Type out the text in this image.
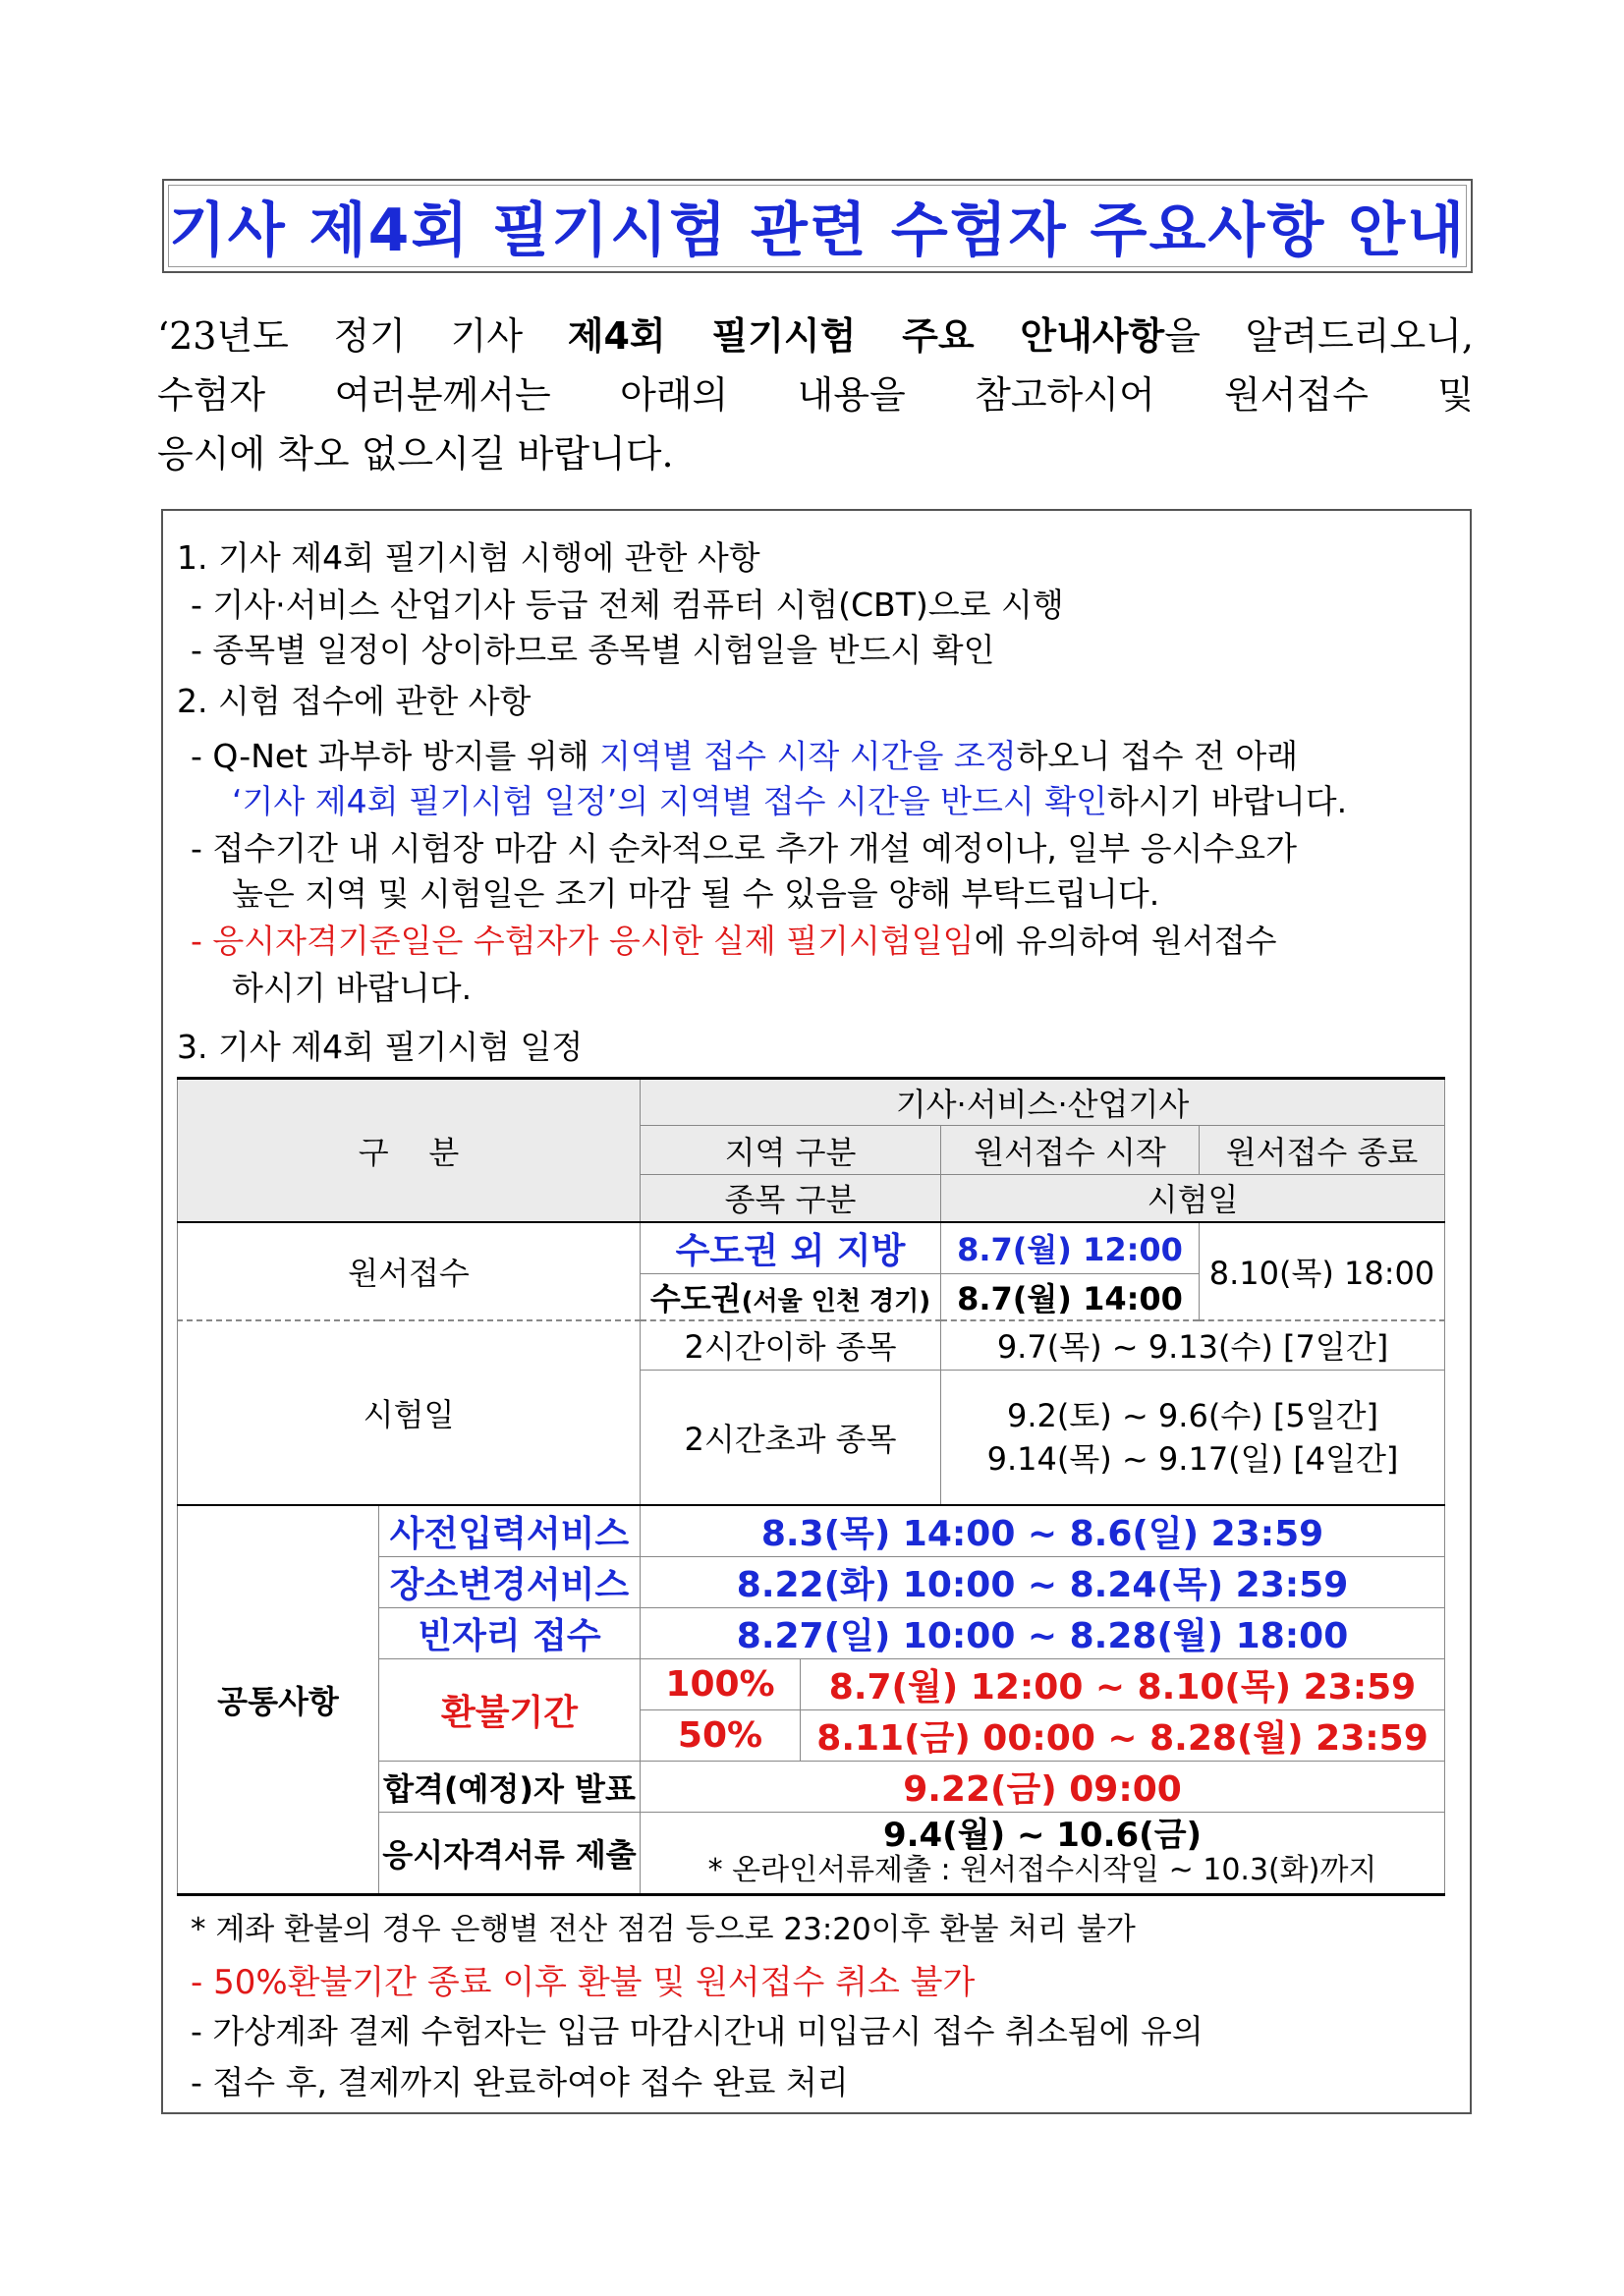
기사 제4회 필기시험 관련 수험자 주요사항 안내
‘23년도 정기 기사 제4회 필기시험 주요 안내사항을 알려드리오니,
수험자 여러분께서는 아래의 내용을 참고하시어 원서접수 및
응시에 착오 없으시길 바랍니다.
1. 기사 제4회 필기시험 시행에 관한 사항
- 기사·서비스 산업기사 등급 전체 컴퓨터 시험(CBT)으로 시행
- 종목별 일정이 상이하므로 종목별 시험일을 반드시 확인
2. 시험 접수에 관한 사항
- Q-Net 과부하 방지를 위해 지역별 접수 시작 시간을 조정하오니 접수 전 아래
‘기사 제4회 필기시험 일정’의 지역별 접수 시간을 반드시 확인하시기 바랍니다.
- 접수기간 내 시험장 마감 시 순차적으로 추가 개설 예정이나, 일부 응시수요가
높은 지역 및 시험일은 조기 마감 될 수 있음을 양해 부탁드립니다.
- 응시자격기준일은 수험자가 응시한 실제 필기시험일임에 유의하여 원서접수
하시기 바랍니다.
3. 기사 제4회 필기시험 일정
구    분		기사·서비스·산업기사			
		지역 구분		원서접수 시작	원서접수 종료
		종목 구분		시험일	
원서접수		수도권 외 지방		8.7(월) 12:00	8.10(목) 18:00
		수도권(서울 인천 경기)		8.7(월) 14:00	
시험일		2시간이하 종목		9.7(목) ~ 9.13(수) [7일간]	
		2시간초과 종목		9.2(토) ~ 9.6(수) [5일간]
9.14(목) ~ 9.17(일) [4일간]	

공통사항	사전입력서비스	8.3(목) 14:00 ~ 8.6(일) 23:59			
	장소변경서비스	8.22(화) 10:00 ~ 8.24(목) 23:59			
	빈자리 접수	8.27(일) 10:00 ~ 8.28(월) 18:00			
	환불기간	100%	8.7(월) 12:00 ~ 8.10(목) 23:59		
		50%	8.11(금) 00:00 ~ 8.28(월) 23:59		
	합격(예정)자 발표	9.22(금) 09:00			
	응시자격서류 제출	9.4(월) ~ 10.6(금)
* 온라인서류제출 : 원서접수시작일 ~ 10.3(화)까지			
* 계좌 환불의 경우 은행별 전산 점검 등으로 23:20이후 환불 처리 불가
- 50%환불기간 종료 이후 환불 및 원서접수 취소 불가
- 가상계좌 결제 수험자는 입금 마감시간내 미입금시 접수 취소됨에 유의
- 접수 후, 결제까지 완료하여야 접수 완료 처리
